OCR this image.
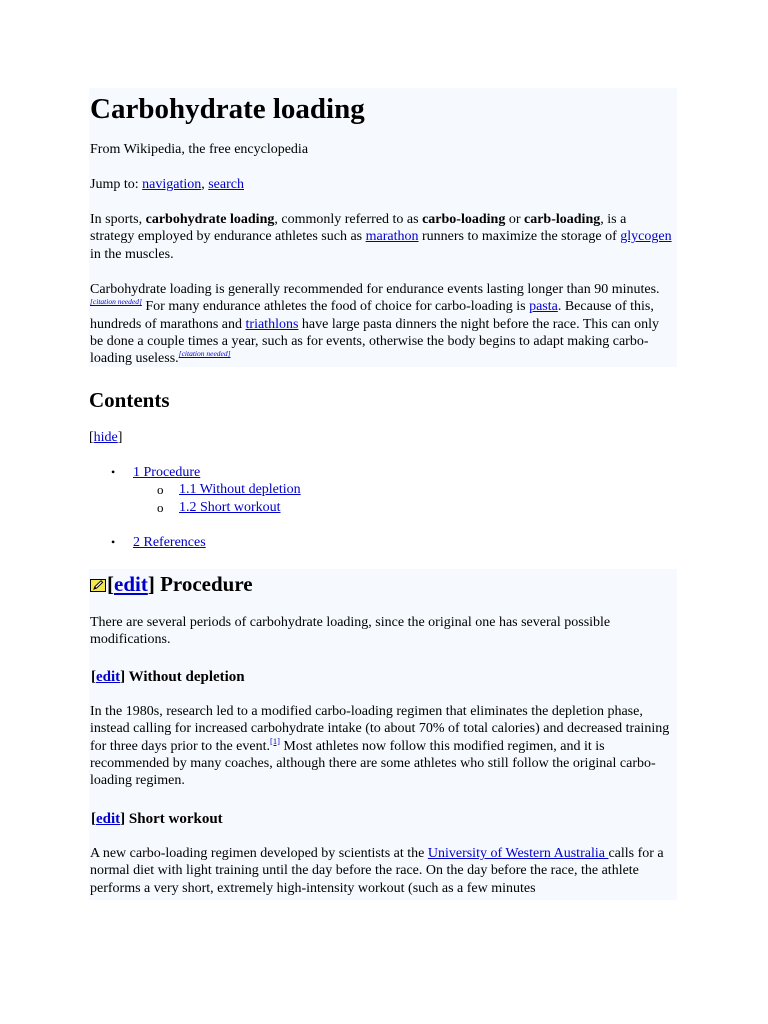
Carbohydrate loading

From Wikipedia, the free encyclopedia

Jump to: navigation, search

In sports, carbohydrate loading, commonly referred to as carbo-loading or carb-loading, is a strategy employed by endurance athletes such as marathon runners to maximize the storage of glycogen in the muscles.

Carbohydrate loading is generally recommended for endurance events lasting longer than 90 minutes.[citation needed] For many endurance athletes the food of choice for carbo-loading is pasta. Because of this, hundreds of marathons and triathlons have large pasta dinners the night before the race. This can only be done a couple times a year, such as for events, otherwise the body begins to adapt making carbo-loading useless.[citation needed]

Contents
[hide]
• 1 Procedure
o 1.1 Without depletion
o 1.2 Short workout
• 2 References
[edit] Procedure

There are several periods of carbohydrate loading, since the original one has several possible modifications.

[edit] Without depletion

In the 1980s, research led to a modified carbo-loading regimen that eliminates the depletion phase, instead calling for increased carbohydrate intake (to about 70% of total calories) and decreased training for three days prior to the event.[1] Most athletes now follow this modified regimen, and it is recommended by many coaches, although there are some athletes who still follow the original carbo-loading regimen.

[edit] Short workout

A new carbo-loading regimen developed by scientists at the University of Western Australia calls for a normal diet with light training until the day before the race. On the day before the race, the athlete performs a very short, extremely high-intensity workout (such as a few minutes
